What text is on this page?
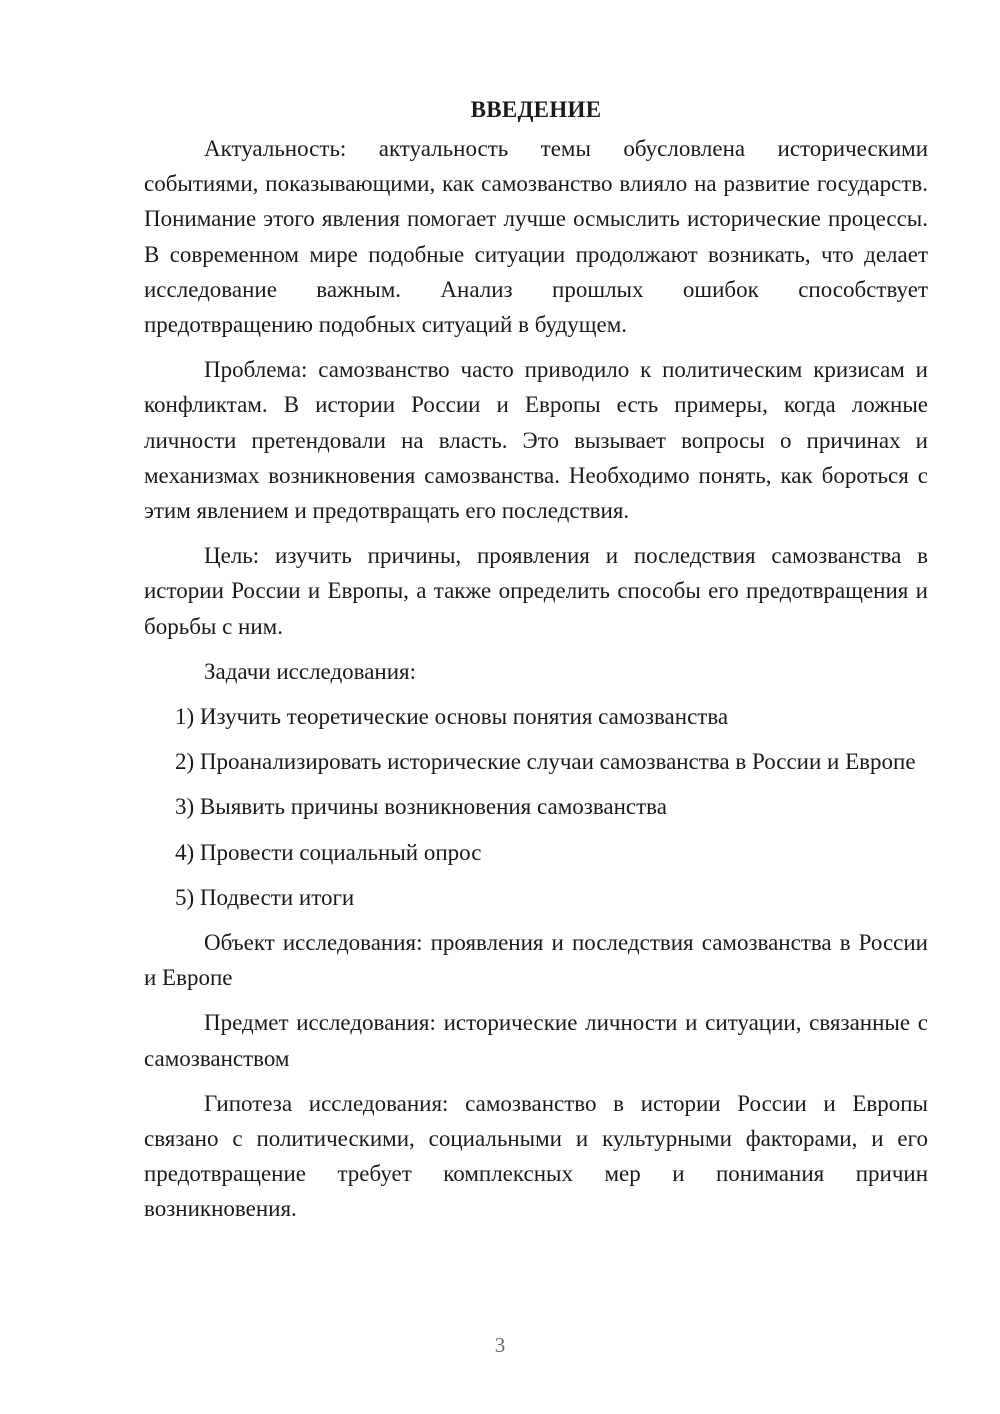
ВВЕДЕНИЕ

Актуальность: актуальность темы обусловлена историческими событиями, показывающими, как самозванство влияло на развитие государств. Понимание этого явления помогает лучше осмыслить исторические процессы. В современном мире подобные ситуации продолжают возникать, что делает исследование важным. Анализ прошлых ошибок способствует предотвращению подобных ситуаций в будущем.

Проблема: самозванство часто приводило к политическим кризисам и конфликтам. В истории России и Европы есть примеры, когда ложные личности претендовали на власть. Это вызывает вопросы о причинах и механизмах возникновения самозванства. Необходимо понять, как бороться с этим явлением и предотвращать его последствия.

Цель: изучить причины, проявления и последствия самозванства в истории России и Европы, а также определить способы его предотвращения и борьбы с ним.

Задачи исследования:

1) Изучить теоретические основы понятия самозванства

2) Проанализировать исторические случаи самозванства в России и Европе

3) Выявить причины возникновения самозванства

4) Провести социальный опрос

5) Подвести итоги

Объект исследования: проявления и последствия самозванства в России и Европе

Предмет исследования: исторические личности и ситуации, связанные с самозванством

Гипотеза исследования: самозванство в истории России и Европы связано с политическими, социальными и культурными факторами, и его предотвращение требует комплексных мер и понимания причин возникновения.

3
